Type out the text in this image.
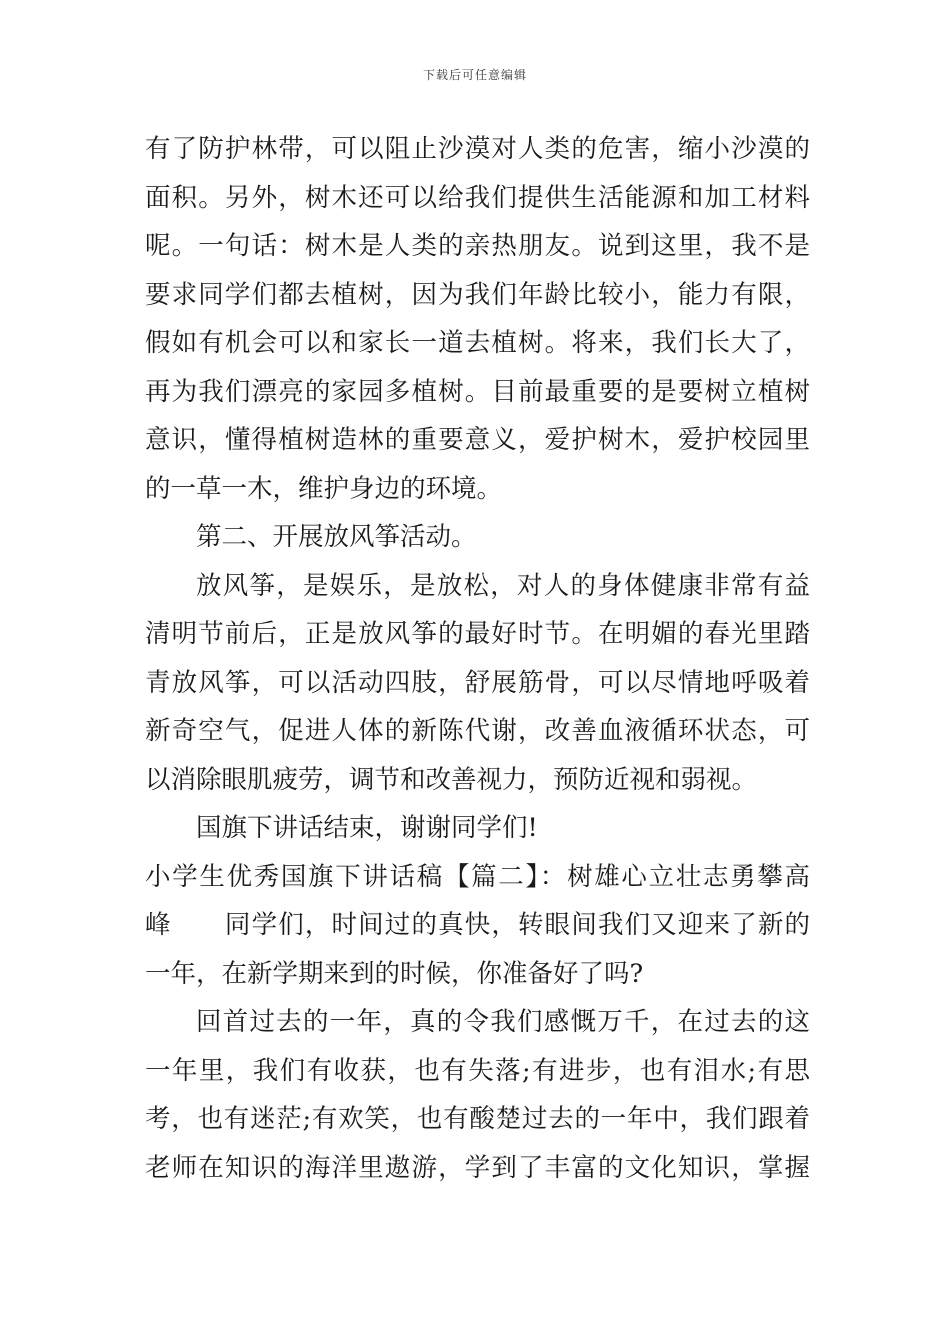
下载后可任意编辑
有了防护林带，可以阻止沙漠对人类的危害，缩小沙漠的
面积。另外，树木还可以给我们提供生活能源和加工材料
呢。一句话：树木是人类的亲热朋友。说到这里，我不是
要求同学们都去植树，因为我们年龄比较小，能力有限，
假如有机会可以和家长一道去植树。将来，我们长大了，
再为我们漂亮的家园多植树。目前最重要的是要树立植树
意识，懂得植树造林的重要意义，爱护树木，爱护校园里
的一草一木，维护身边的环境。
第二、开展放风筝活动。
放风筝，是娱乐，是放松，对人的身体健康非常有益
清明节前后，正是放风筝的最好时节。在明媚的春光里踏
青放风筝，可以活动四肢，舒展筋骨，可以尽情地呼吸着
新奇空气，促进人体的新陈代谢，改善血液循环状态，可
以消除眼肌疲劳，调节和改善视力，预防近视和弱视。
国旗下讲话结束，谢谢同学们!
小学生优秀国旗下讲话稿【篇二】：树雄心立壮志勇攀高
峰　　同学们，时间过的真快，转眼间我们又迎来了新的
一年，在新学期来到的时候，你准备好了吗?
回首过去的一年，真的令我们感慨万千，在过去的这
一年里，我们有收获，也有失落;有进步，也有泪水;有思
考，也有迷茫;有欢笑，也有酸楚过去的一年中，我们跟着
老师在知识的海洋里遨游，学到了丰富的文化知识，掌握
